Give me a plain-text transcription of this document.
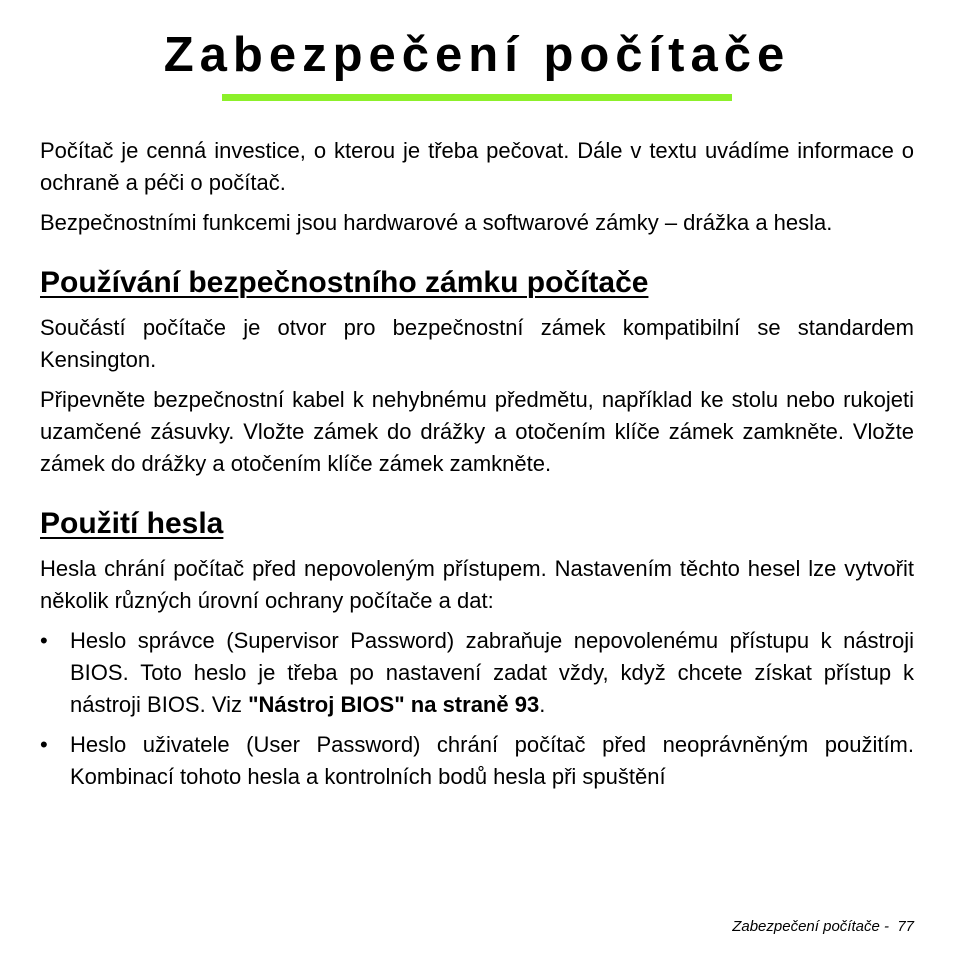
Zabezpečení počítače

Počítač je cenná investice, o kterou je třeba pečovat. Dále v textu uvádíme informace o ochraně a péči o počítač.

Bezpečnostními funkcemi jsou hardwarové a softwarové zámky – drážka a hesla.

Používání bezpečnostního zámku počítače

Součástí počítače je otvor pro bezpečnostní zámek kompatibilní se standardem Kensington.

Připevněte bezpečnostní kabel k nehybnému předmětu, například ke stolu nebo rukojeti uzamčené zásuvky. Vložte zámek do drážky a otočením klíče zámek zamkněte. Vložte zámek do drážky a otočením klíče zámek zamkněte.

Použití hesla

Hesla chrání počítač před nepovoleným přístupem. Nastavením těchto hesel lze vytvořit několik různých úrovní ochrany počítače a dat:

• Heslo správce (Supervisor Password) zabraňuje nepovolenému přístupu k nástroji BIOS. Toto heslo je třeba po nastavení zadat vždy, když chcete získat přístup k nástroji BIOS. Viz "Nástroj BIOS" na straně 93.
• Heslo uživatele (User Password) chrání počítač před neoprávněným použitím. Kombinací tohoto hesla a kontrolních bodů hesla při spuštění
Zabezpečení počítače -  77
